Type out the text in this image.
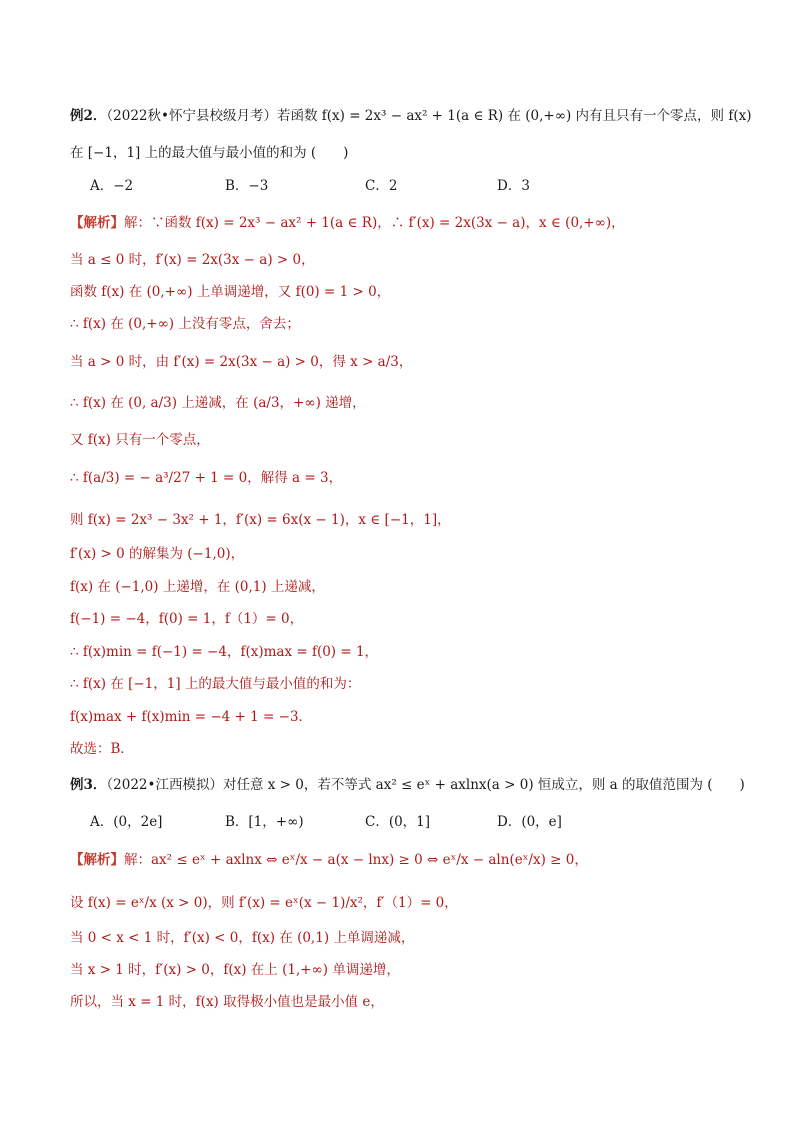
例2．（2022秋•怀宁县校级月考）若函数 f(x) = 2x³ − ax² + 1(a ∈ R) 在 (0,+∞) 内有且只有一个零点，则 f(x)
在 [−1，1] 上的最大值与最小值的和为 (　　)
A．−2	B．−3	C．2	D．3
【解析】解：∵函数 f(x) = 2x³ − ax² + 1(a ∈ R)，∴ f′(x) = 2x(3x − a)，x ∈ (0,+∞)，
当 a ≤ 0 时，f′(x) = 2x(3x − a) > 0，
函数 f(x) 在 (0,+∞) 上单调递增，又 f(0) = 1 > 0，
∴ f(x) 在 (0,+∞) 上没有零点，舍去；
当 a > 0 时，由 f′(x) = 2x(3x − a) > 0，得 x > a/3，
∴ f(x) 在 (0, a/3) 上递减，在 (a/3，+∞) 递增，
又 f(x) 只有一个零点，
∴ f(a/3) = − a³/27 + 1 = 0，解得 a = 3，
则 f(x) = 2x³ − 3x² + 1，f′(x) = 6x(x − 1)，x ∈ [−1，1]，
f′(x) > 0 的解集为 (−1,0)，
f(x) 在 (−1,0) 上递增，在 (0,1) 上递减，
f(−1) = −4，f(0) = 1，f（1）= 0，
∴ f(x)min = f(−1) = −4，f(x)max = f(0) = 1，
∴ f(x) 在 [−1，1] 上的最大值与最小值的和为：
f(x)max + f(x)min = −4 + 1 = −3．
故选：B．
例3．（2022•江西模拟）对任意 x > 0，若不等式 ax² ≤ eˣ + axlnx(a > 0) 恒成立，则 a 的取值范围为 (　　)
A．(0，2e]	B．[1，+∞)	C．(0，1]	D．(0，e]
【解析】解：ax² ≤ eˣ + axlnx ⇔ eˣ/x − a(x − lnx) ≥ 0 ⇔ eˣ/x − aln(eˣ/x) ≥ 0，
设 f(x) = eˣ/x (x > 0)，则 f′(x) = eˣ(x − 1)/x²，f′（1）= 0，
当 0 < x < 1 时，f′(x) < 0，f(x) 在 (0,1) 上单调递减，
当 x > 1 时，f′(x) > 0，f(x) 在上 (1,+∞) 单调递增，
所以，当 x = 1 时，f(x) 取得极小值也是最小值 e，
